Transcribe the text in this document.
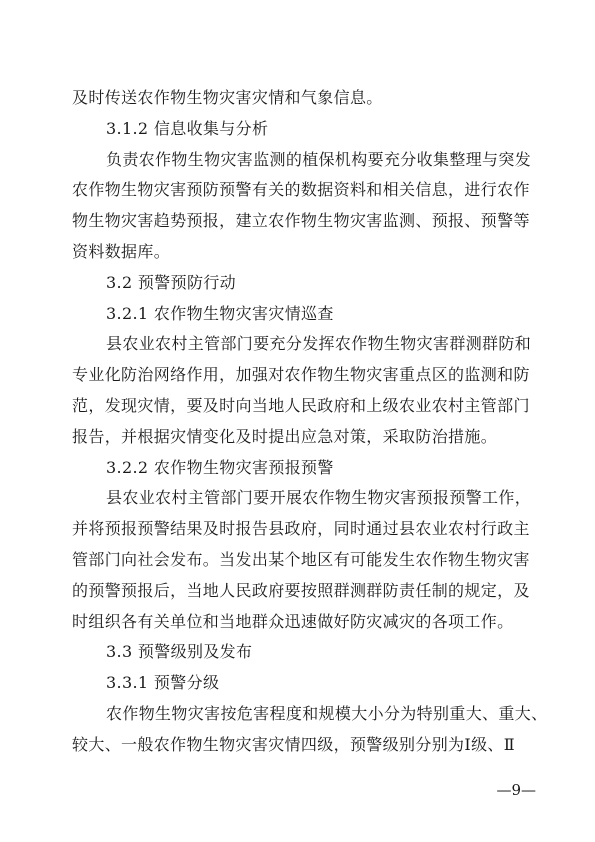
及时传送农作物生物灾害灾情和气象信息。
3.1.2 信息收集与分析
负责农作物生物灾害监测的植保机构要充分收集整理与突发
农作物生物灾害预防预警有关的数据资料和相关信息，进行农作
物生物灾害趋势预报，建立农作物生物灾害监测、预报、预警等
资料数据库。
3.2 预警预防行动
3.2.1 农作物生物灾害灾情巡查
县农业农村主管部门要充分发挥农作物生物灾害群测群防和
专业化防治网络作用，加强对农作物生物灾害重点区的监测和防
范，发现灾情，要及时向当地人民政府和上级农业农村主管部门
报告，并根据灾情变化及时提出应急对策，采取防治措施。
3.2.2 农作物生物灾害预报预警
县农业农村主管部门要开展农作物生物灾害预报预警工作，
并将预报预警结果及时报告县政府，同时通过县农业农村行政主
管部门向社会发布。当发出某个地区有可能发生农作物生物灾害
的预警预报后，当地人民政府要按照群测群防责任制的规定，及
时组织各有关单位和当地群众迅速做好防灾减灾的各项工作。
3.3 预警级别及发布
3.3.1 预警分级
农作物生物灾害按危害程度和规模大小分为特别重大、重大、
较大、一般农作物生物灾害灾情四级，预警级别分别为Ⅰ级、Ⅱ
—9—
